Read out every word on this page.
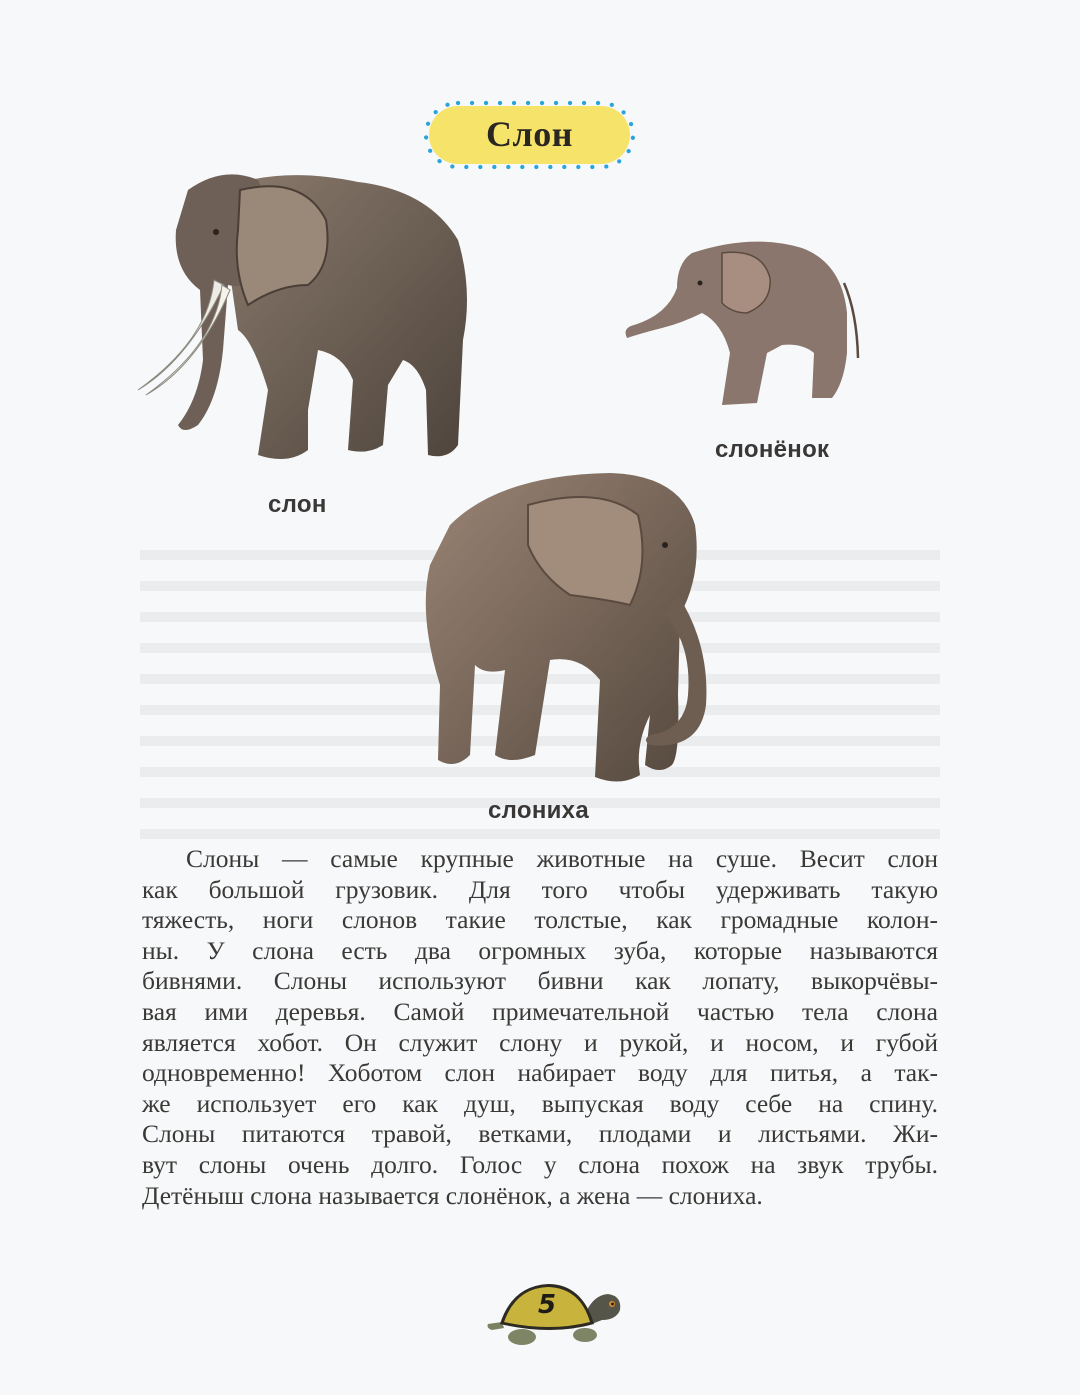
Слон
слон
слонёнок
слониха

Слоны — самые крупные животные на суше. Весит слон
как большой грузовик. Для того чтобы удерживать такую
тяжесть, ноги слонов такие толстые, как громадные колон-
ны. У слона есть два огромных зуба, которые называются
бивнями. Слоны используют бивни как лопату, выкорчёвы-
вая ими деревья. Самой примечательной частью тела слона
является хобот. Он служит слону и рукой, и носом, и губой
одновременно! Хоботом слон набирает воду для питья, а так-
же использует его как душ, выпуская воду себе на спину.
Слоны питаются травой, ветками, плодами и листьями. Жи-
вут слоны очень долго. Голос у слона похож на звук трубы.
Детёныш слона называется слонёнок, а жена — слониха.

5
